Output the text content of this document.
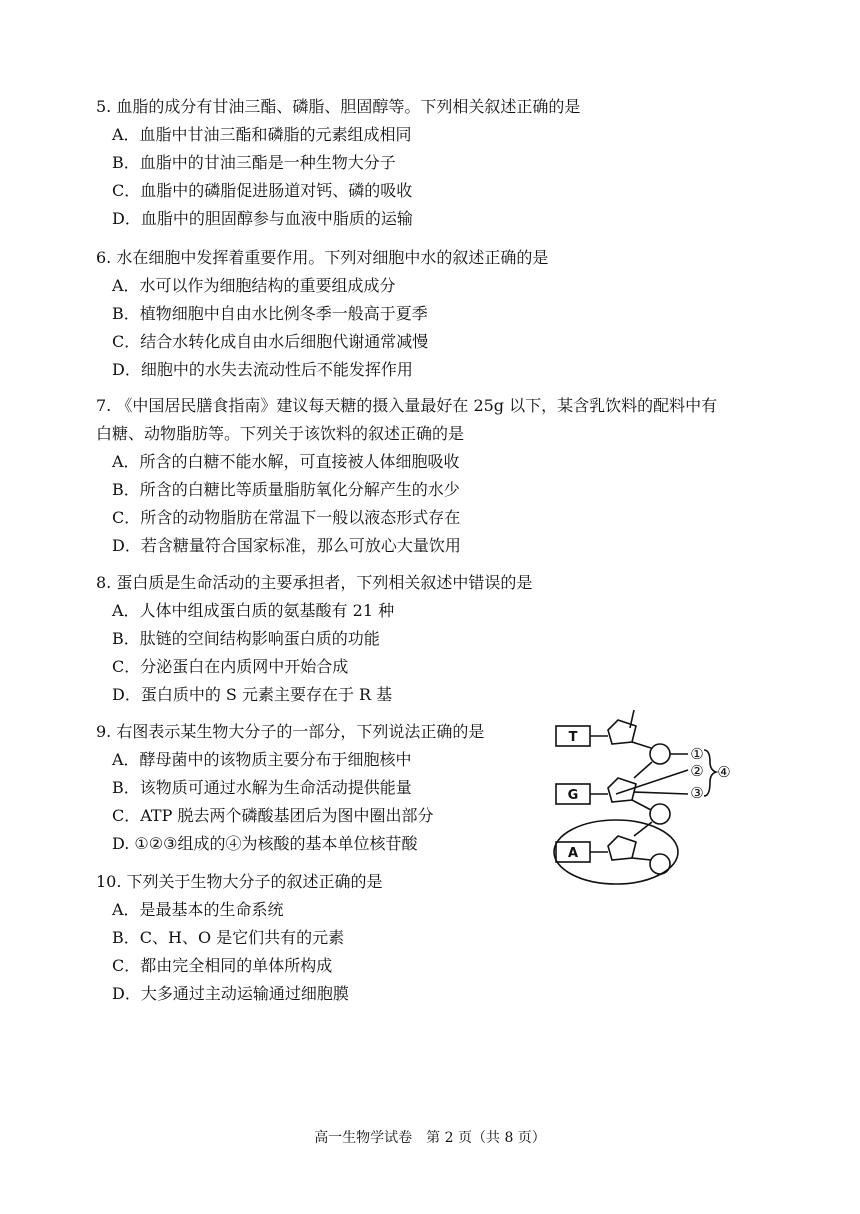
5. 血脂的成分有甘油三酯、磷脂、胆固醇等。下列相关叙述正确的是
A．血脂中甘油三酯和磷脂的元素组成相同
B．血脂中的甘油三酯是一种生物大分子
C．血脂中的磷脂促进肠道对钙、磷的吸收
D．血脂中的胆固醇参与血液中脂质的运输
6. 水在细胞中发挥着重要作用。下列对细胞中水的叙述正确的是
A．水可以作为细胞结构的重要组成成分
B．植物细胞中自由水比例冬季一般高于夏季
C．结合水转化成自由水后细胞代谢通常减慢
D．细胞中的水失去流动性后不能发挥作用
7. 《中国居民膳食指南》建议每天糖的摄入量最好在 25g 以下，某含乳饮料的配料中有
白糖、动物脂肪等。下列关于该饮料的叙述正确的是
A．所含的白糖不能水解，可直接被人体细胞吸收
B．所含的白糖比等质量脂肪氧化分解产生的水少
C．所含的动物脂肪在常温下一般以液态形式存在
D．若含糖量符合国家标准，那么可放心大量饮用
8. 蛋白质是生命活动的主要承担者，下列相关叙述中错误的是
A．人体中组成蛋白质的氨基酸有 21 种
B．肽链的空间结构影响蛋白质的功能
C．分泌蛋白在内质网中开始合成
D．蛋白质中的 S 元素主要存在于 R 基
9. 右图表示某生物大分子的一部分，下列说法正确的是
A．酵母菌中的该物质主要分布于细胞核中
B．该物质可通过水解为生命活动提供能量
C．ATP 脱去两个磷酸基团后为图中圈出部分
D. ①②③组成的④为核酸的基本单位核苷酸
T
G
A
①
②
③
④
10. 下列关于生物大分子的叙述正确的是
A．是最基本的生命系统
B．C、H、O 是它们共有的元素
C．都由完全相同的单体所构成
D．大多通过主动运输通过细胞膜
高一生物学试卷　第 2 页（共 8 页）
